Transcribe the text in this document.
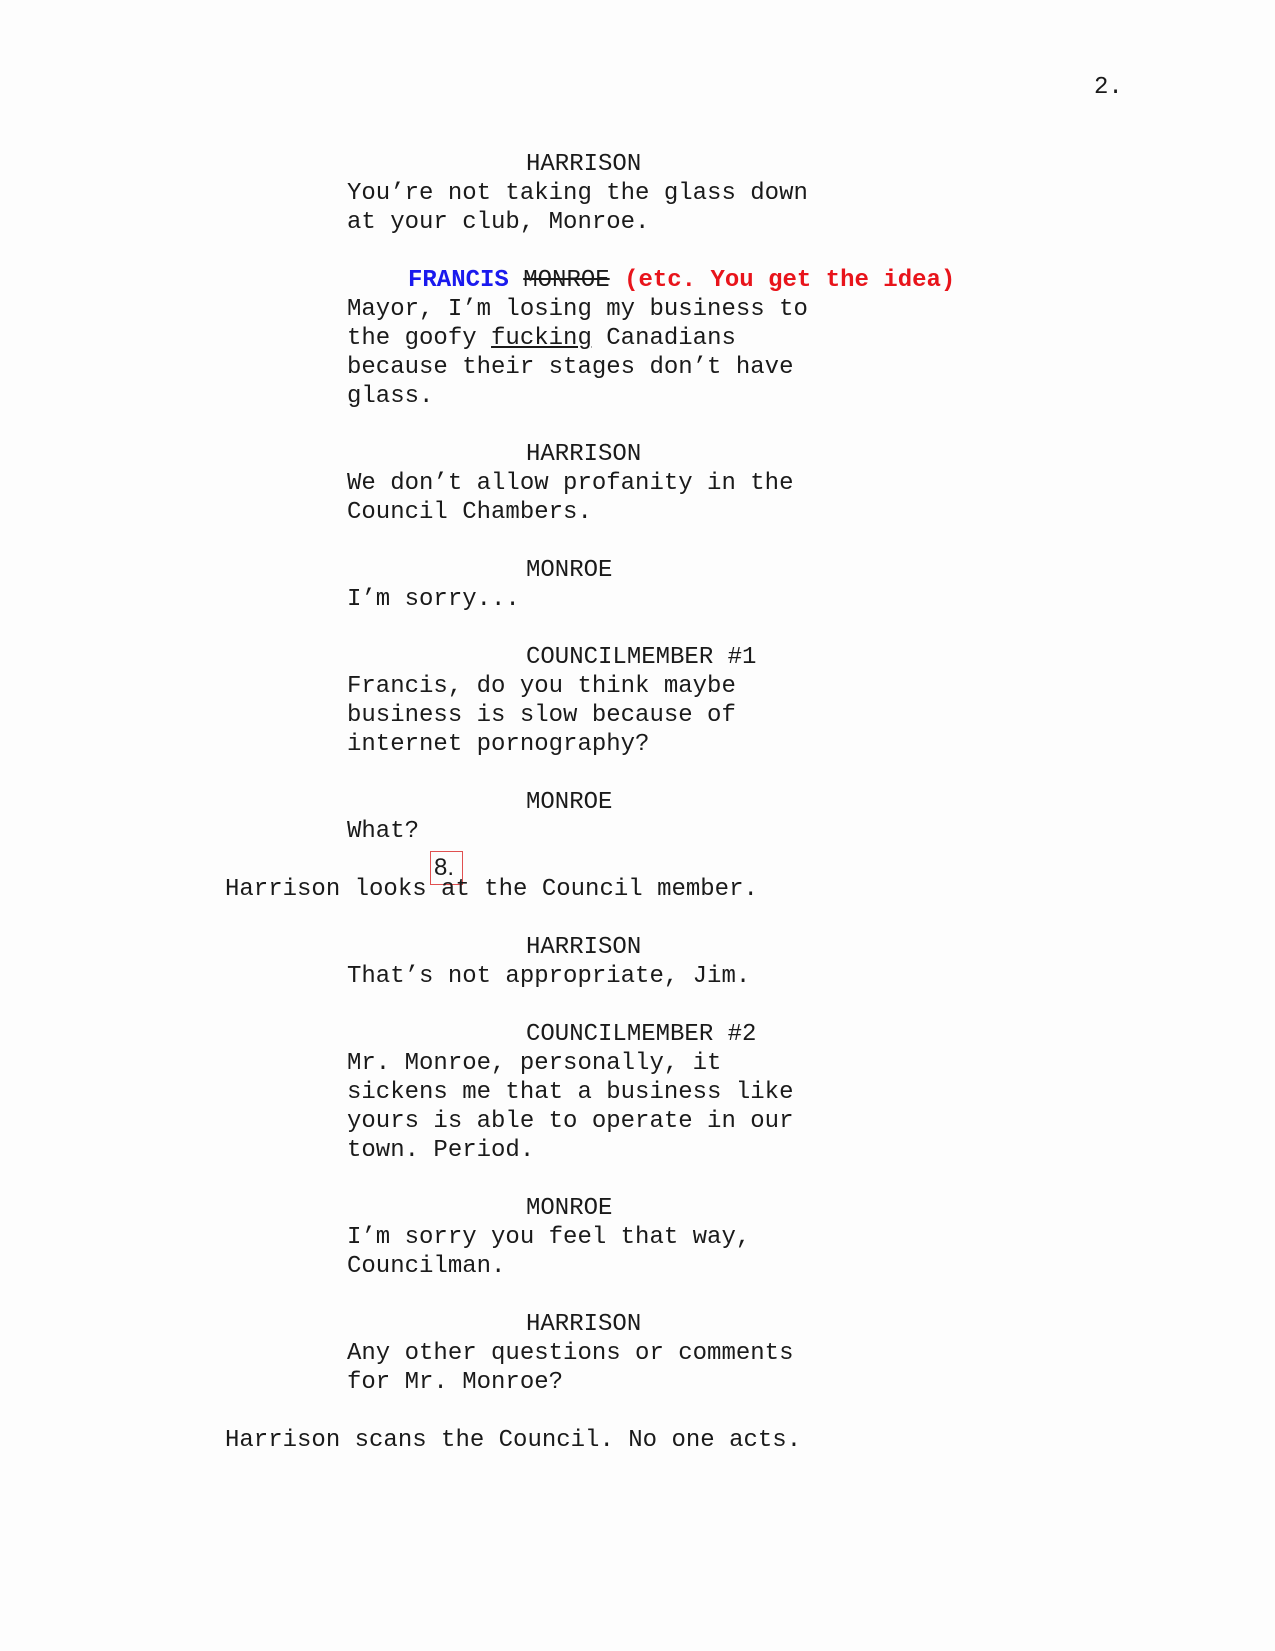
2.
HARRISON
You’re not taking the glass down
at your club, Monroe.
FRANCIS MONROE (etc. You get the idea)
Mayor, I’m losing my business to
the goofy fucking Canadians
because their stages don’t have
glass.
HARRISON
We don’t allow profanity in the
Council Chambers.
MONROE
I’m sorry...
COUNCILMEMBER #1
Francis, do you think maybe
business is slow because of
internet pornography?
MONROE
What?
8.
Harrison looks at the Council member.
HARRISON
That’s not appropriate, Jim.
COUNCILMEMBER #2
Mr. Monroe, personally, it
sickens me that a business like
yours is able to operate in our
town. Period.
MONROE
I’m sorry you feel that way,
Councilman.
HARRISON
Any other questions or comments
for Mr. Monroe?
Harrison scans the Council. No one acts.
